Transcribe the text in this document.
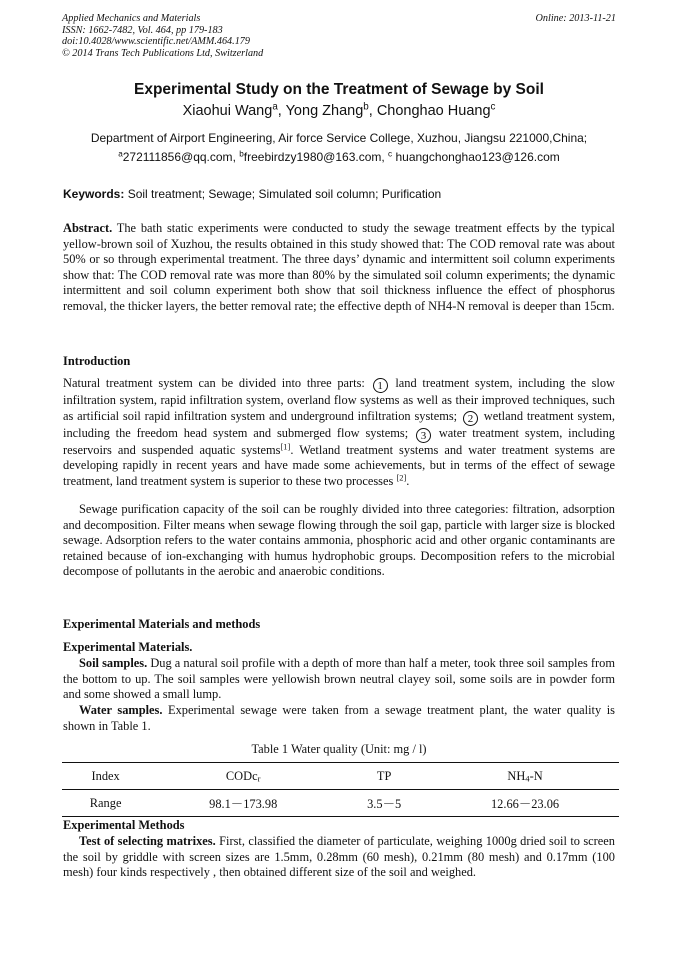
Applied Mechanics and Materials
ISSN: 1662-7482, Vol. 464, pp 179-183
doi:10.4028/www.scientific.net/AMM.464.179
© 2014 Trans Tech Publications Ltd, Switzerland
Online: 2013-11-21
Experimental Study on the Treatment of Sewage by Soil
Xiaohui Wang$^a$, Yong Zhang$^b$, Chonghao Huang$^c$
Department of Airport Engineering, Air force Service College, Xuzhou, Jiangsu 221000,China;
$^a$272111856@qq.com, $^b$freebirdzy1980@163.com, $^c$ huangchonghao123@126.com
Keywords: Soil treatment; Sewage; Simulated soil column; Purification
Abstract. The bath static experiments were conducted to study the sewage treatment effects by the typical yellow-brown soil of Xuzhou, the results obtained in this study showed that: The COD removal rate was about 50% or so through experimental treatment. The three days’ dynamic and intermittent soil column experiments show that: The COD removal rate was more than 80% by the simulated soil column experiments; the dynamic intermittent and soil column experiment both show that soil thickness influence the effect of phosphorus removal, the thicker layers, the better removal rate; the effective depth of NH4-N removal is deeper than 15cm.
Introduction
Natural treatment system can be divided into three parts: 1 land treatment system, including the slow infiltration system, rapid infiltration system, overland flow systems as well as their improved techniques, such as artificial soil rapid infiltration system and underground infiltration systems; 2 wetland treatment system, including the freedom head system and submerged flow systems; 3 water treatment system, including reservoirs and suspended aquatic systems[1]. Wetland treatment systems and water treatment systems are developing rapidly in recent years and have made some achievements, but in terms of the effect of sewage treatment, land treatment system is superior to these two processes [2].
Sewage purification capacity of the soil can be roughly divided into three categories: filtration, adsorption and decomposition. Filter means when sewage flowing through the soil gap, particle with larger size is blocked sewage. Adsorption refers to the water contains ammonia, phosphoric acid and other organic contaminants are retained because of ion-exchanging with humus hydrophobic groups. Decomposition refers to the microbial decompose of pollutants in the aerobic and anaerobic conditions.
Experimental Materials and methods
Experimental Materials.
Soil samples. Dug a natural soil profile with a depth of more than half a meter, took three soil samples from the bottom to up. The soil samples were yellowish brown neutral clayey soil, some soils are in powder form and some showed a small lump.
Water samples. Experimental sewage were taken from a sewage treatment plant, the water quality is shown in Table 1.
Table 1 Water quality (Unit: mg / l)
Index	CODc$_r$	TP	$NH_4-N$
Range	98.1－173.98	3.5－5	12.66－23.06
Experimental Methods
Test of selecting matrixes. First, classified the diameter of particulate, weighing 1000g dried soil to screen the soil by griddle with screen sizes are 1.5mm, 0.28mm (60 mesh), 0.21mm (80 mesh) and 0.17mm (100 mesh) four kinds respectively , then obtained different size of the soil and weighed.
